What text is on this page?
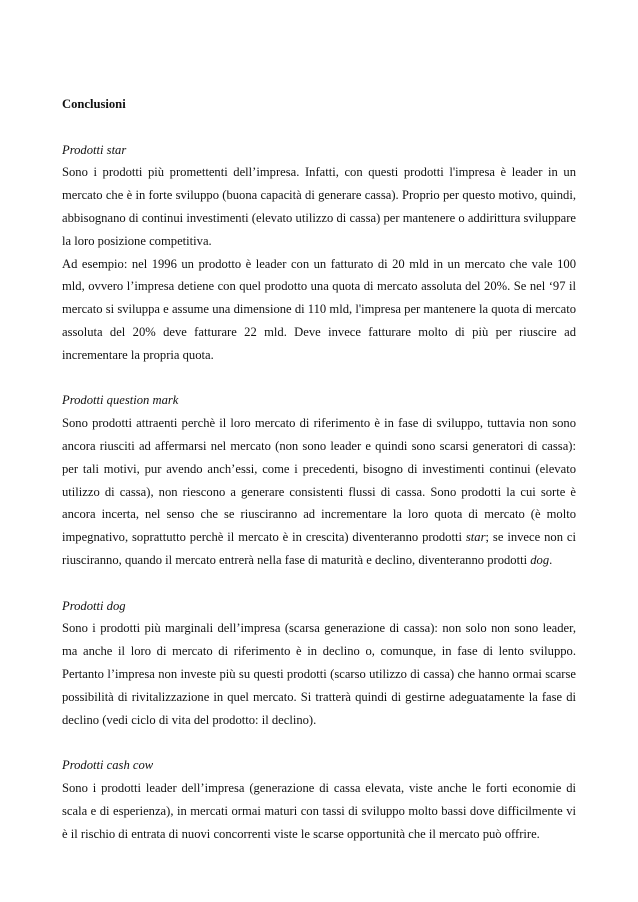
Conclusioni

Prodotti star

Sono i prodotti più promettenti dell’impresa. Infatti, con questi prodotti l'impresa è leader in un mercato che è in forte sviluppo (buona capacità di generare cassa). Proprio per questo motivo, quindi, abbisognano di continui investimenti (elevato utilizzo di cassa) per mantenere o addirittura sviluppare la loro posizione competitiva.

Ad esempio: nel 1996 un prodotto è leader con un fatturato di 20 mld in un mercato che vale 100 mld, ovvero l’impresa detiene con quel prodotto una quota di mercato assoluta del 20%. Se nel ‘97 il mercato si sviluppa e assume una dimensione di 110 mld, l'impresa per mantenere la quota di mercato assoluta del 20% deve fatturare 22 mld. Deve invece fatturare molto di più per riuscire ad incrementare la propria quota.

Prodotti question mark

Sono prodotti attraenti perchè il loro mercato di riferimento è in fase di sviluppo, tuttavia non sono ancora riusciti ad affermarsi nel mercato (non sono leader e quindi sono scarsi generatori di cassa): per tali motivi, pur avendo anch’essi, come i precedenti, bisogno di investimenti continui (elevato utilizzo di cassa), non riescono a generare consistenti flussi di cassa. Sono prodotti la cui sorte è ancora incerta, nel senso che se riusciranno ad incrementare la loro quota di mercato (è molto impegnativo, soprattutto perchè il mercato è in crescita) diventeranno prodotti star; se invece non ci riusciranno, quando il mercato entrerà nella fase di maturità e declino, diventeranno prodotti dog.

Prodotti dog

Sono i prodotti più marginali dell’impresa (scarsa generazione di cassa): non solo non sono leader, ma anche il loro di mercato di riferimento è in declino o, comunque, in fase di lento sviluppo. Pertanto l’impresa non investe più su questi prodotti (scarso utilizzo di cassa) che hanno ormai scarse possibilità di rivitalizzazione in quel mercato. Si tratterà quindi di gestirne adeguatamente la fase di declino (vedi ciclo di vita del prodotto: il declino).

Prodotti cash cow

Sono i prodotti leader dell’impresa (generazione di cassa elevata, viste anche le forti economie di scala e di esperienza), in mercati ormai maturi con tassi di sviluppo molto bassi dove difficilmente vi è il rischio di entrata di nuovi concorrenti viste le scarse opportunità che il mercato può offrire.
